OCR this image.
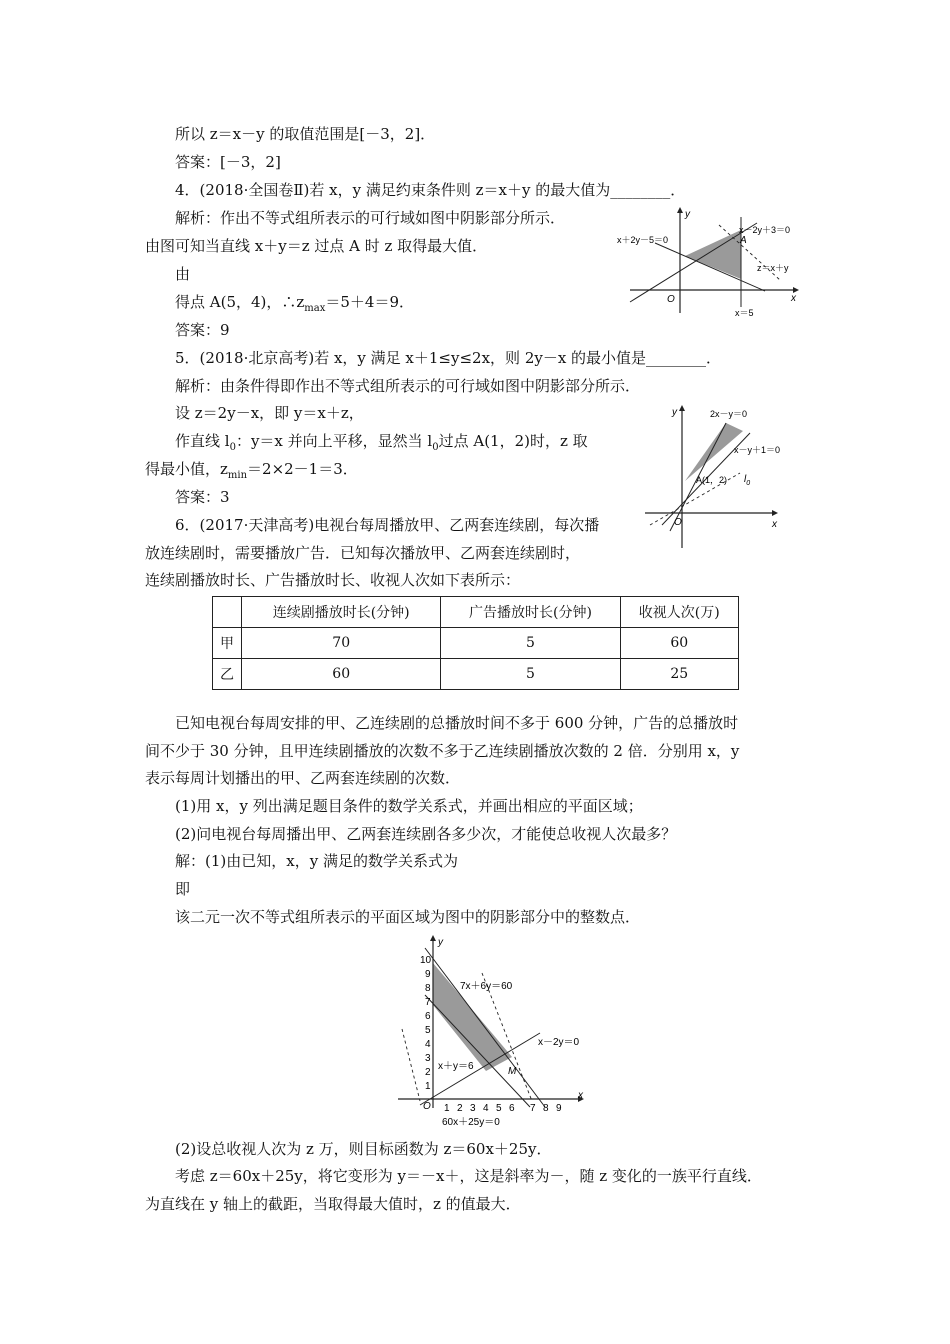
所以 z＝x－y 的取值范围是[－3，2]．
答案：[－3，2]
4．(2018·全国卷Ⅱ)若 x，y 满足约束条件则 z＝x＋y 的最大值为________．
解析：作出不等式组所表示的可行域如图中阴影部分所示．
由图可知当直线 x＋y＝z 过点 A 时 z 取得最大值．
由
得点 A(5，4)，$\therefore z_{max}=5+4=9$．
答案：9
5．(2018·北京高考)若 x，y 满足 x＋1≤y≤2x，则 2y－x 的最小值是________．
解析：由条件得即作出不等式组所表示的可行域如图中阴影部分所示．
设 z＝2y－x，即 y＝x＋z，
作直线 $l_0$：y＝x 并向上平移，显然当 $l_0$过点 A(1，2)时，z 取
得最小值，$z_{min}=2\times 2-1=3$．
答案：3
6．(2017·天津高考)电视台每周播放甲、乙两套连续剧，每次播
放连续剧时，需要播放广告．已知每次播放甲、乙两套连续剧时，
连续剧播放时长、广告播放时长、收视人次如下表所示：
	连续剧播放时长(分钟)	广告播放时长(分钟)	收视人次(万)
甲	70	5	60
乙	60	5	25
已知电视台每周安排的甲、乙连续剧的总播放时间不多于 600 分钟，广告的总播放时
间不少于 30 分钟，且甲连续剧播放的次数不多于乙连续剧播放次数的 2 倍．分别用 x，y
表示每周计划播出的甲、乙两套连续剧的次数．
(1)用 x，y 列出满足题目条件的数学关系式，并画出相应的平面区域；
(2)问电视台每周播出甲、乙两套连续剧各多少次，才能使总收视人次最多？
解：(1)由已知，x，y 满足的数学关系式为
即
该二元一次不等式组所表示的平面区域为图中的阴影部分中的整数点．
(2)设总收视人次为 z 万，则目标函数为 z＝60x＋25y．
考虑 z＝60x＋25y，将它变形为 y＝－x＋，这是斜率为－，随 z 变化的一族平行直线．
为直线在 y 轴上的截距，当取得最大值时，z 的值最大．
y
x
O
x－2y＋3＝0
x＋2y－5＝0
z＝x＋y
x＝5
A
y
x
O
2x－y＝0
x－y＋1＝0
A(1，2) $l_0$
y
x
O
10
9
8
7
6
5
4
3
2
1
1 2 3 4 5 6 7 8 9
7x＋6y＝60
x－2y＝0
x＋y＝6
60x＋25y＝0
M
